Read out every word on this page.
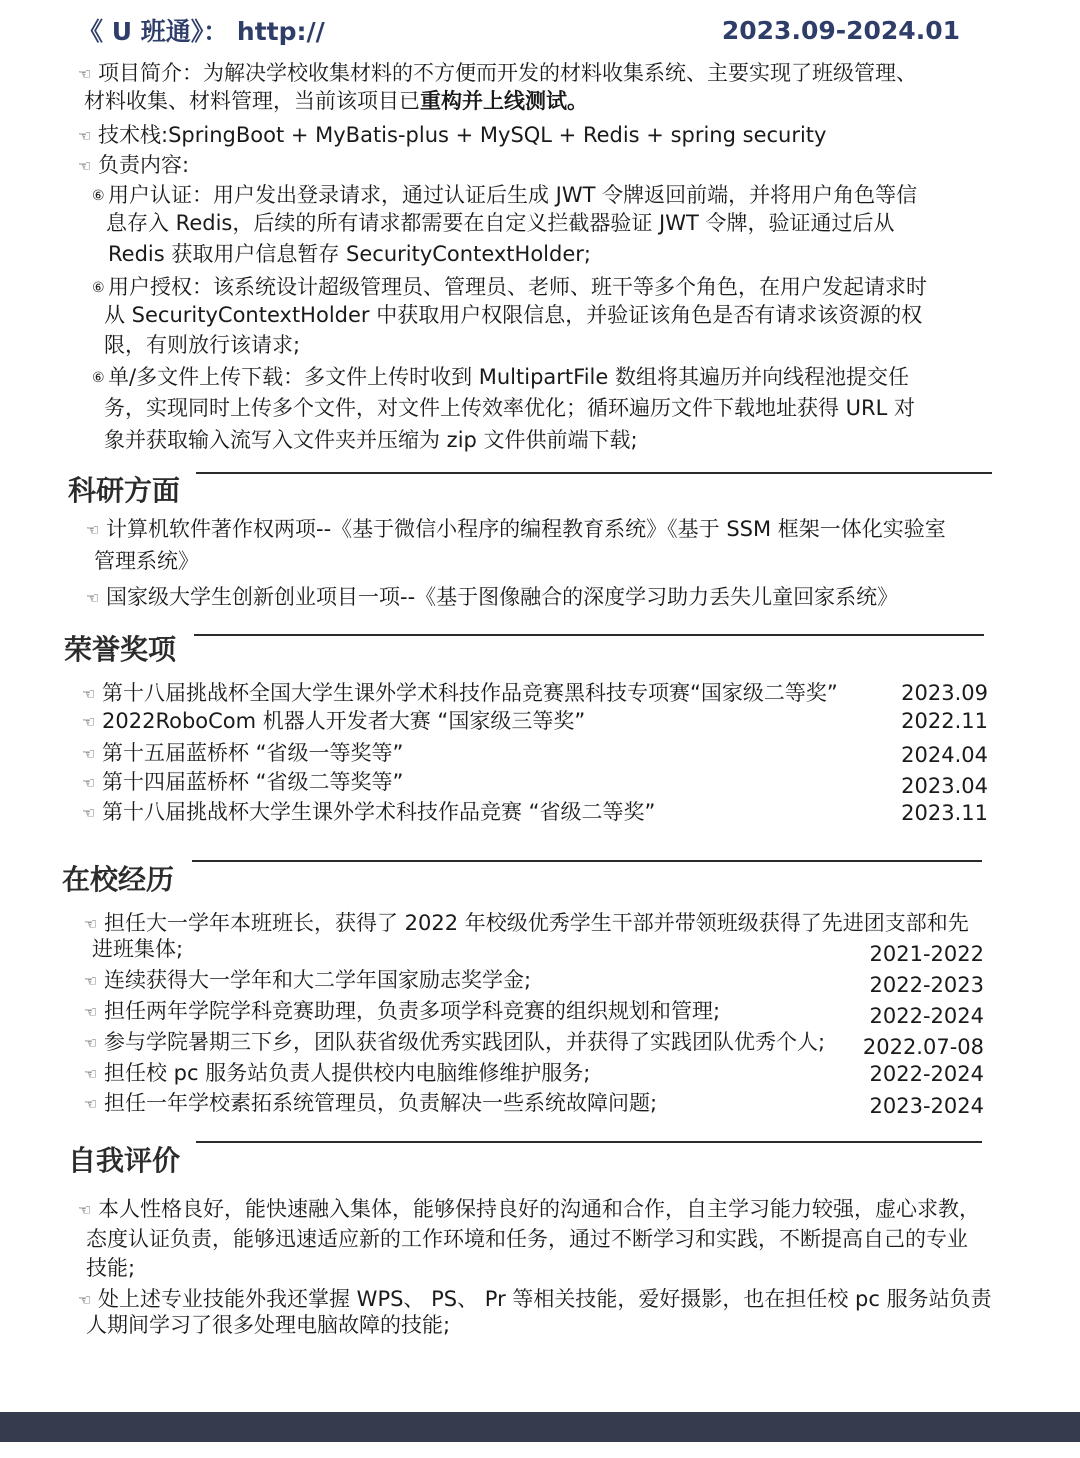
《 U 班通》： http://	2023.09-2024.01
☜ 项目简介：为解决学校收集材料的不方便而开发的材料收集系统、主要实现了班级管理、
材料收集、材料管理，当前该项目已重构并上线测试。
☜ 技术栈:SpringBoot + MyBatis-plus + MySQL + Redis + spring security
☜ 负责内容:
⑥ 用户认证：用户发出登录请求，通过认证后生成 JWT 令牌返回前端，并将用户角色等信
息存入 Redis，后续的所有请求都需要在自定义拦截器验证 JWT 令牌，验证通过后从
Redis 获取用户信息暂存 SecurityContextHolder;
⑥ 用户授权：该系统设计超级管理员、管理员、老师、班干等多个角色，在用户发起请求时
从 SecurityContextHolder 中获取用户权限信息，并验证该角色是否有请求该资源的权
限，有则放行该请求;
⑥ 单/多文件上传下载：多文件上传时收到 MultipartFile 数组将其遍历并向线程池提交任
务，实现同时上传多个文件，对文件上传效率优化；循环遍历文件下载地址获得 URL 对
象并获取输入流写入文件夹并压缩为 zip 文件供前端下载;
科研方面
☜ 计算机软件著作权两项--《基于微信小程序的编程教育系统》《基于 SSM 框架一体化实验室
管理系统》
☜ 国家级大学生创新创业项目一项--《基于图像融合的深度学习助力丢失儿童回家系统》
荣誉奖项
☜ 第十八届挑战杯全国大学生课外学术科技作品竞赛黑科技专项赛“国家级二等奖”	2023.09
☜ 2022RoboCom 机器人开发者大赛 “国家级三等奖”	2022.11
☜ 第十五届蓝桥杯 “省级一等奖等”	2024.04
☜ 第十四届蓝桥杯 “省级二等奖等”	2023.04
☜ 第十八届挑战杯大学生课外学术科技作品竞赛 “省级二等奖”	2023.11
在校经历
☜ 担任大一学年本班班长，获得了 2022 年校级优秀学生干部并带领班级获得了先进团支部和先
进班集体;	2021-2022
☜ 连续获得大一学年和大二学年国家励志奖学金;	2022-2023
☜ 担任两年学院学科竞赛助理，负责多项学科竞赛的组织规划和管理;	2022-2024
☜ 参与学院暑期三下乡，团队获省级优秀实践团队，并获得了实践团队优秀个人; 2022.07-08
☜ 担任校 pc 服务站负责人提供校内电脑维修维护服务;	2022-2024
☜ 担任一年学校素拓系统管理员，负责解决一些系统故障问题;	2023-2024
自我评价
☜ 本人性格良好，能快速融入集体，能够保持良好的沟通和合作，自主学习能力较强，虚心求教，
态度认证负责，能够迅速适应新的工作环境和任务，通过不断学习和实践，不断提高自己的专业
技能;
☜ 处上述专业技能外我还掌握 WPS、 PS、 Pr 等相关技能，爱好摄影，也在担任校 pc 服务站负责
人期间学习了很多处理电脑故障的技能;
